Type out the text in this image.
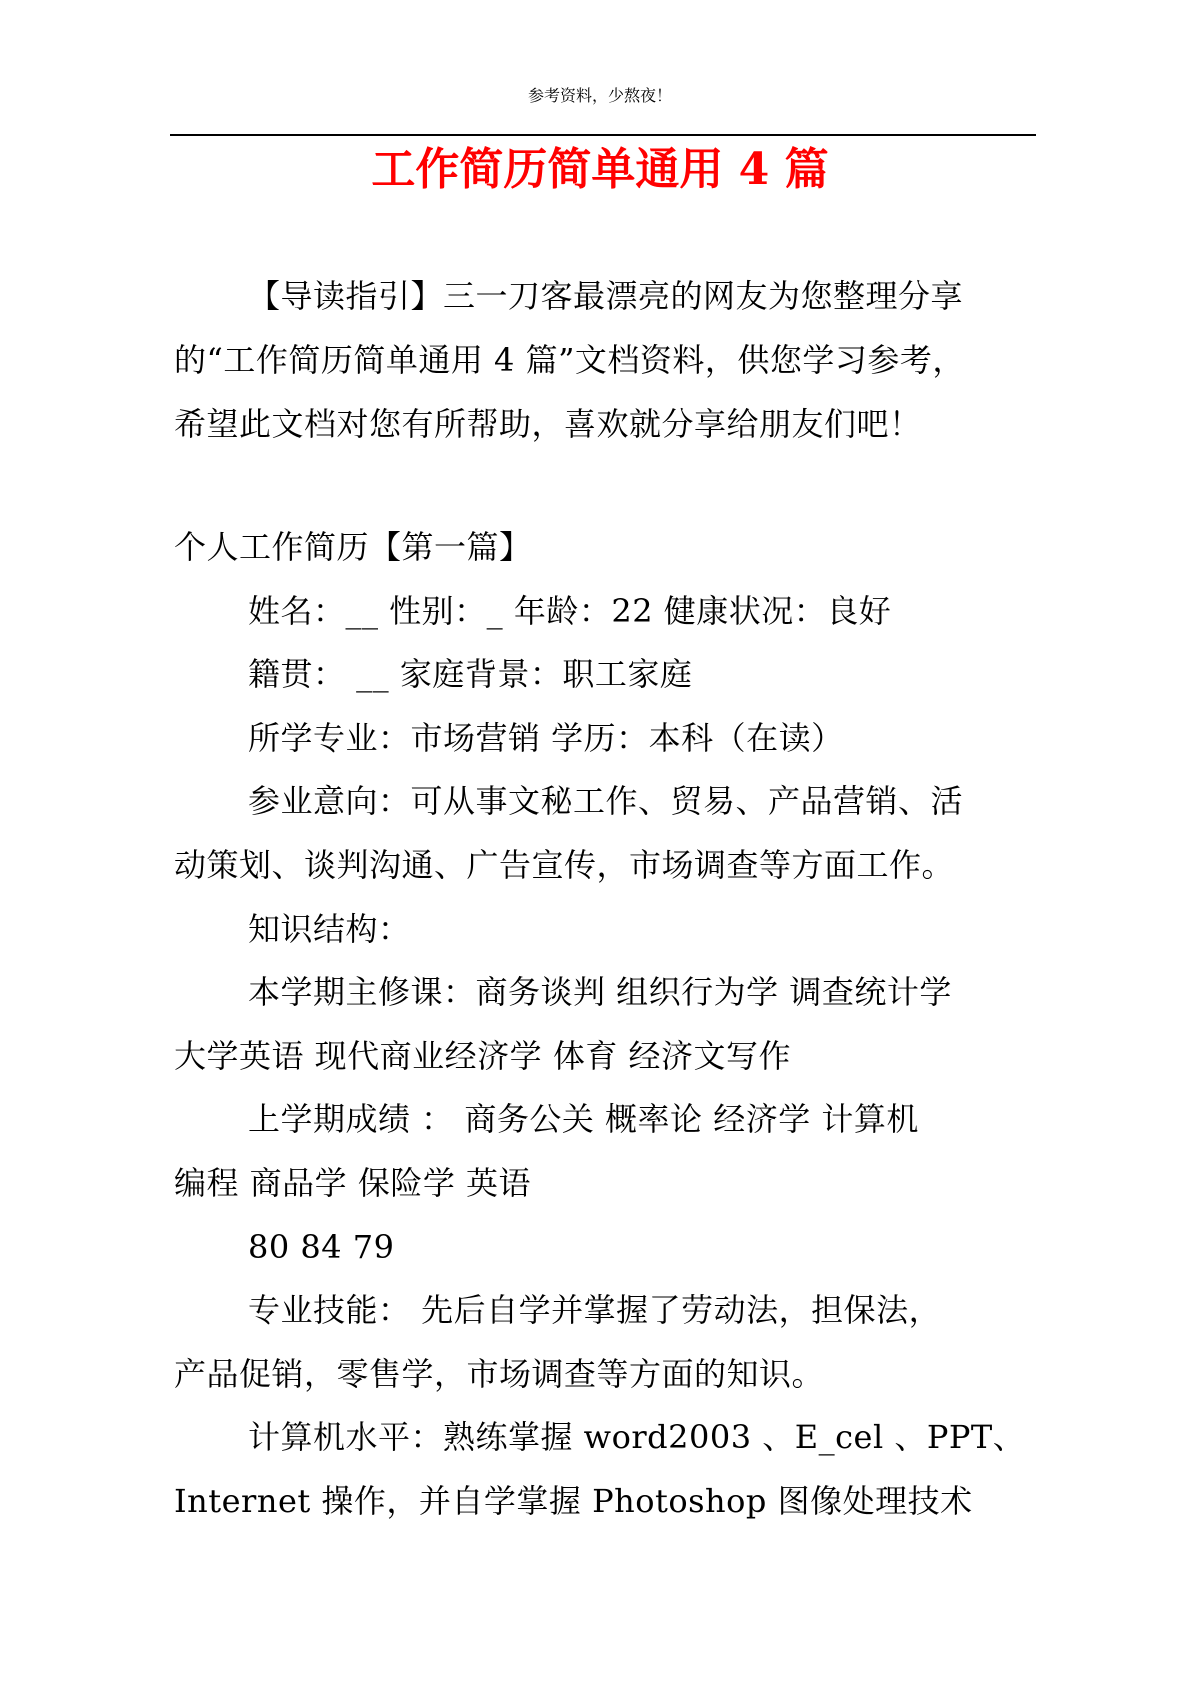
参考资料，少熬夜！
工作简历简单通用 4 篇
【导读指引】三一刀客最漂亮的网友为您整理分享
的“工作简历简单通用 4 篇”文档资料，供您学习参考，
希望此文档对您有所帮助，喜欢就分享给朋友们吧！
个人工作简历【第一篇】
姓名：__ 性别：_ 年龄：22 健康状况：良好
籍贯： __ 家庭背景：职工家庭
所学专业：市场营销 学历：本科（在读）
参业意向：可从事文秘工作、贸易、产品营销、活
动策划、谈判沟通、广告宣传，市场调查等方面工作。
知识结构：
本学期主修课：商务谈判 组织行为学 调查统计学
大学英语 现代商业经济学 体育 经济文写作
上学期成绩 ： 商务公关 概率论 经济学 计算机
编程 商品学 保险学 英语
80 84 79
专业技能： 先后自学并掌握了劳动法，担保法，
产品促销，零售学，市场调查等方面的知识。
计算机水平：熟练掌握 word2003 、E_cel 、PPT、
Internet 操作，并自学掌握 Photoshop 图像处理技术
